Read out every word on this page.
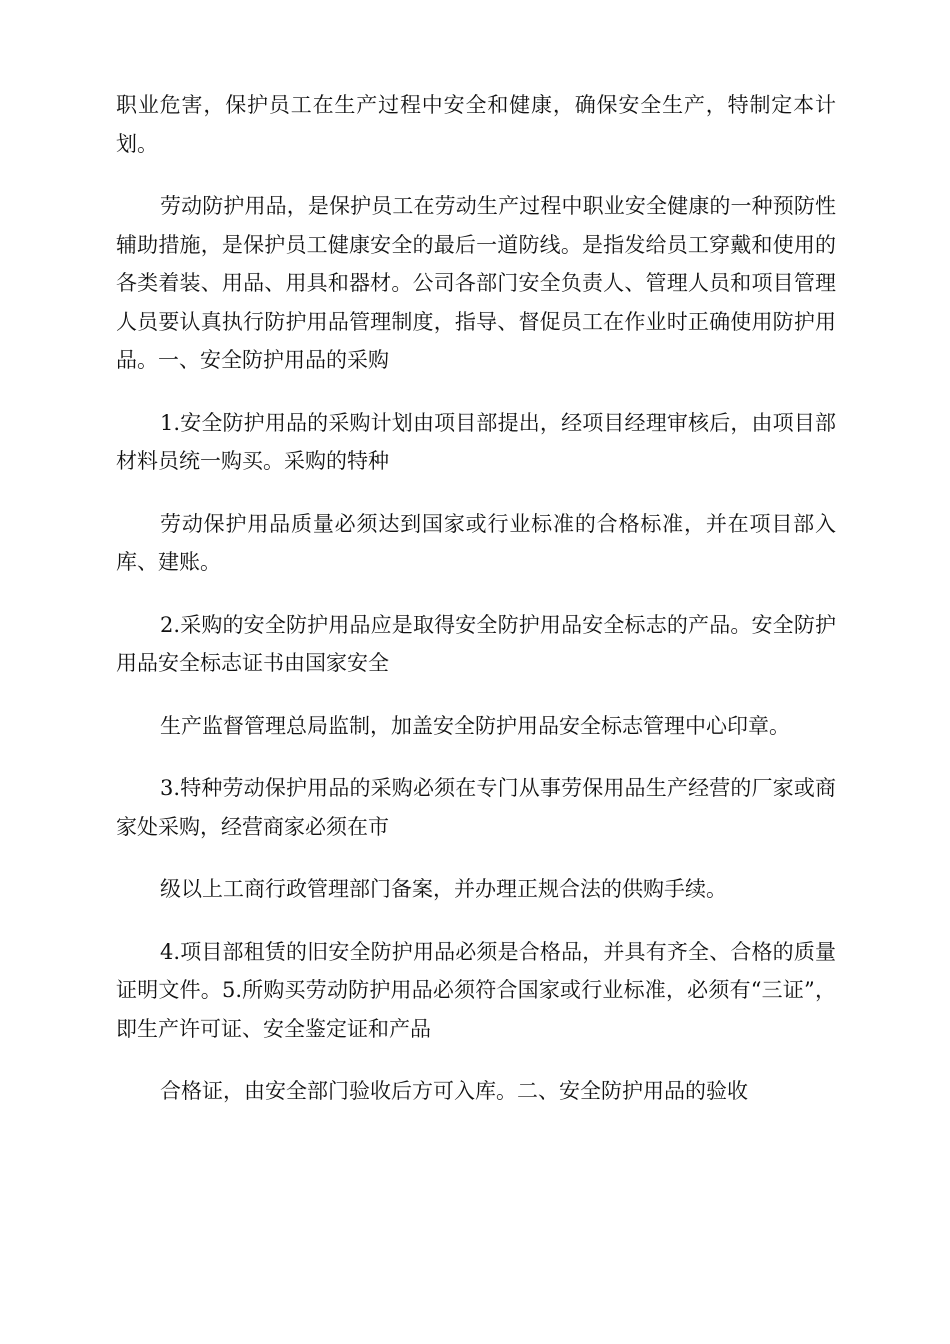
职业危害，保护员工在生产过程中安全和健康，确保安全生产，特制定本计划。

劳动防护用品，是保护员工在劳动生产过程中职业安全健康的一种预防性辅助措施，是保护员工健康安全的最后一道防线。是指发给员工穿戴和使用的各类着装、用品、用具和器材。公司各部门安全负责人、管理人员和项目管理人员要认真执行防护用品管理制度，指导、督促员工在作业时正确使用防护用品。一、安全防护用品的采购

1.安全防护用品的采购计划由项目部提出，经项目经理审核后，由项目部材料员统一购买。采购的特种

劳动保护用品质量必须达到国家或行业标准的合格标准，并在项目部入库、建账。

2.采购的安全防护用品应是取得安全防护用品安全标志的产品。安全防护用品安全标志证书由国家安全

生产监督管理总局监制，加盖安全防护用品安全标志管理中心印章。

3.特种劳动保护用品的采购必须在专门从事劳保用品生产经营的厂家或商家处采购，经营商家必须在市

级以上工商行政管理部门备案，并办理正规合法的供购手续。

4.项目部租赁的旧安全防护用品必须是合格品，并具有齐全、合格的质量证明文件。5.所购买劳动防护用品必须符合国家或行业标准，必须有“三证”，即生产许可证、安全鉴定证和产品

合格证，由安全部门验收后方可入库。二、安全防护用品的验收
